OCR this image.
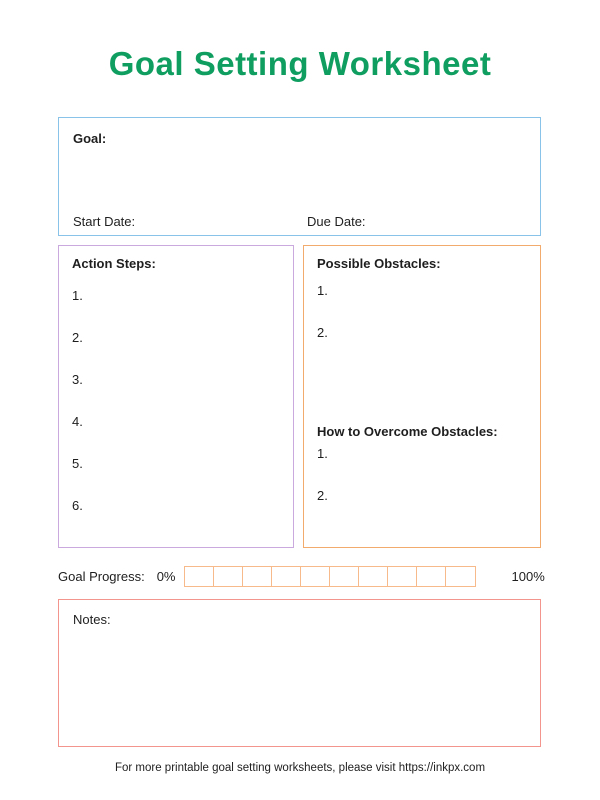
Goal Setting Worksheet
Goal:
Start Date:	Due Date:
Action Steps:
1.
2.
3.
4.
5.
6.
Possible Obstacles:
1.
2.
How to Overcome Obstacles:
1.
2.
Goal Progress: 0%	100%
Notes:
For more printable goal setting worksheets, please visit https://inkpx.com
